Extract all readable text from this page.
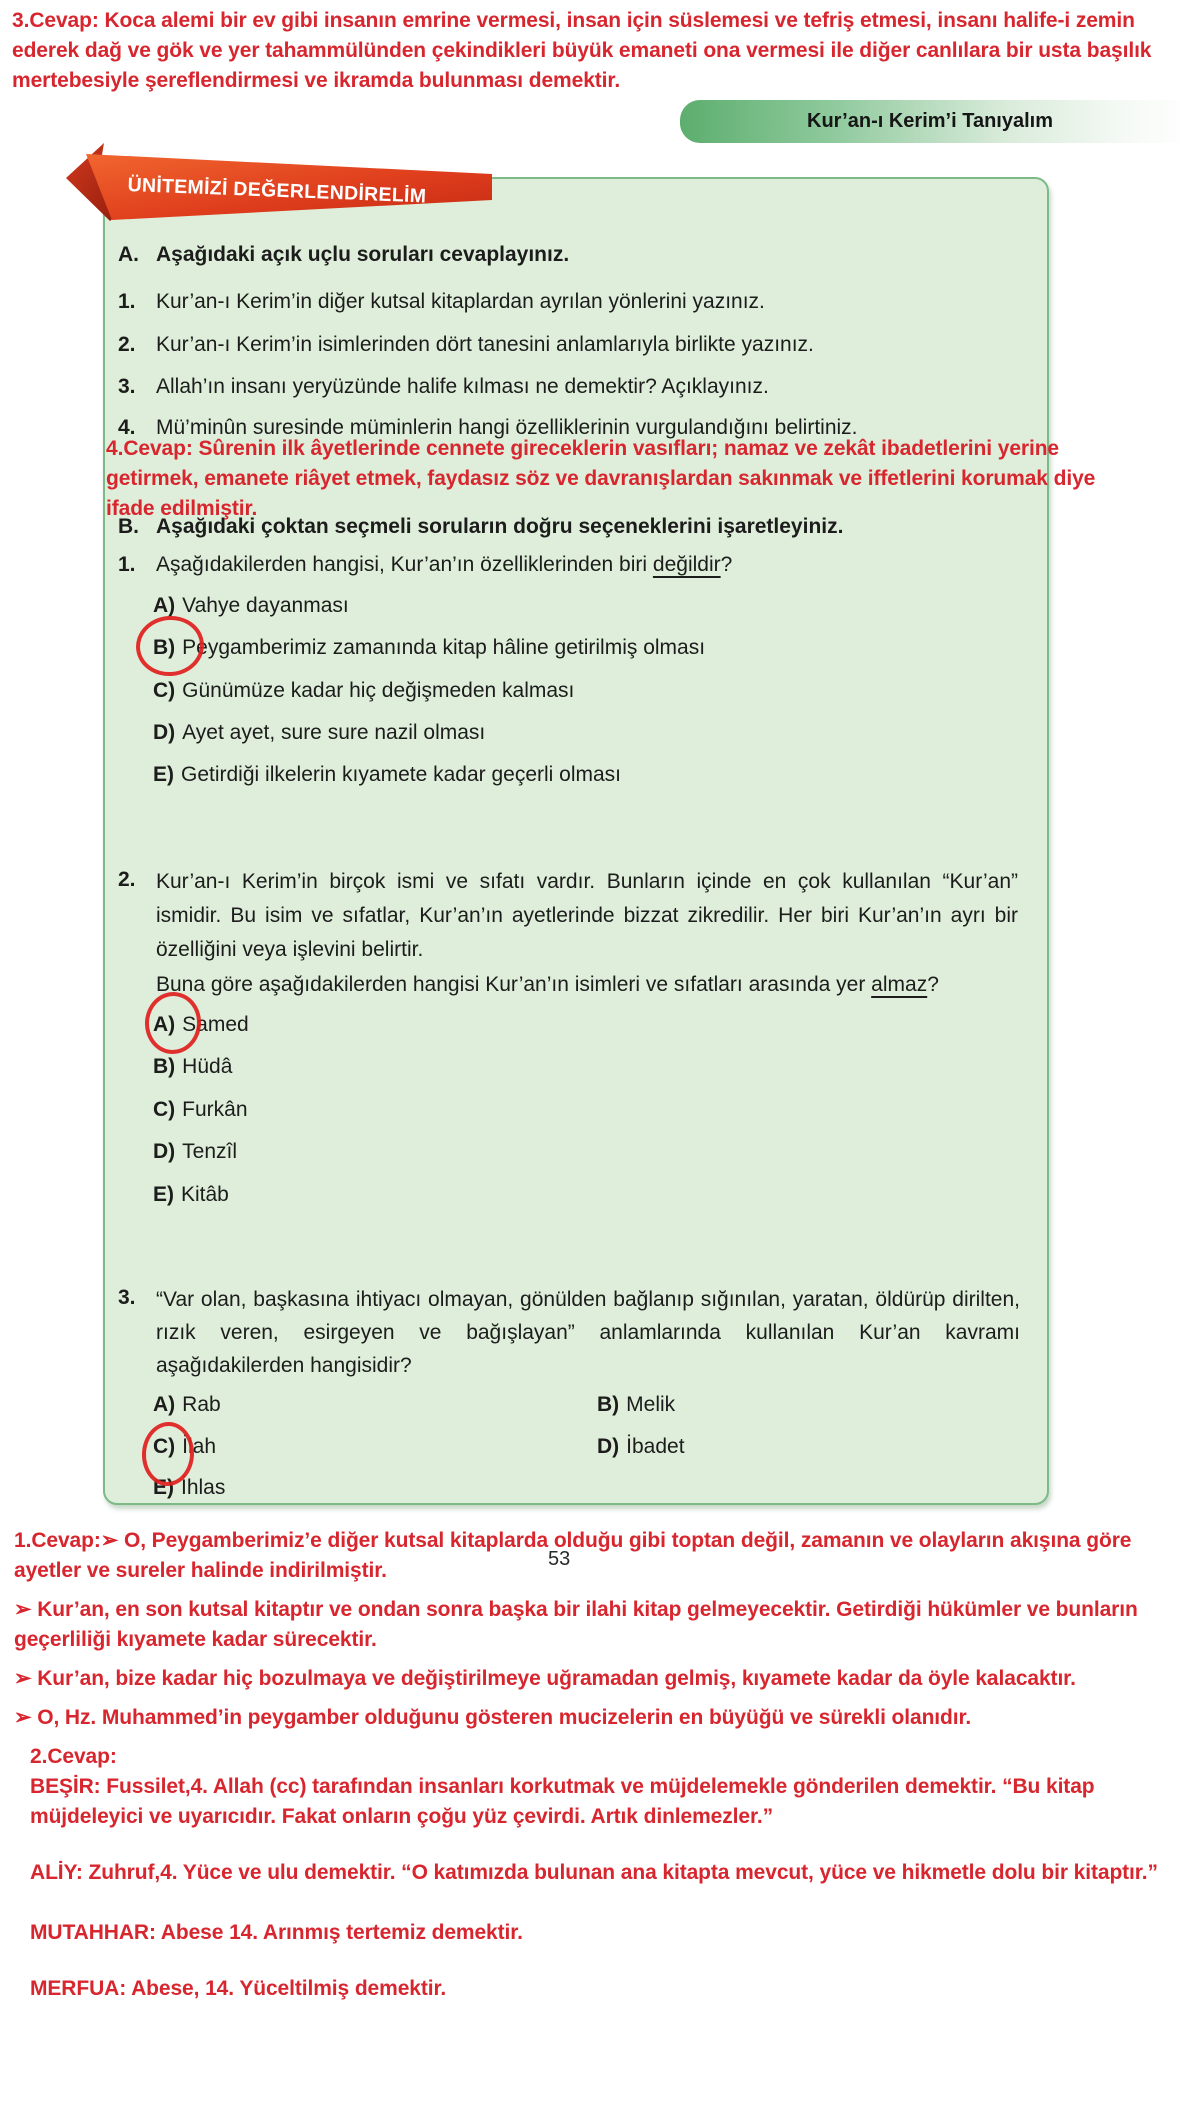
3.Cevap: Koca alemi bir ev gibi insanın emrine vermesi, insan için süslemesi ve tefriş etmesi, insanı halife-i zemin ederek dağ ve gök ve yer tahammülünden çekindikleri büyük emaneti ona vermesi ile diğer canlılara bir usta başılık mertebesiyle şereflendirmesi ve ikramda bulunması demektir.
Kur’an-ı Kerim’i Tanıyalım
ÜNİTEMİZİ DEĞERLENDİRELİM
A. Aşağıdaki açık uçlu soruları cevaplayınız.
1. Kur’an-ı Kerim’in diğer kutsal kitaplardan ayrılan yönlerini yazınız.
2. Kur’an-ı Kerim’in isimlerinden dört tanesini anlamlarıyla birlikte yazınız.
3. Allah’ın insanı yeryüzünde halife kılması ne demektir? Açıklayınız.
4. Mü’minûn suresinde müminlerin hangi özelliklerinin vurgulandığını belirtiniz.
4.Cevap: Sûrenin ilk âyetlerinde cennete gireceklerin vasıfları; namaz ve zekât ibadetlerini yerine getirmek, emanete riâyet etmek, faydasız söz ve davranışlardan sakınmak ve iffetlerini korumak diye ifade edilmiştir.
B. Aşağıdaki çoktan seçmeli soruların doğru seçeneklerini işaretleyiniz.
1. Aşağıdakilerden hangisi, Kur’an’ın özelliklerinden biri değildir?
A) Vahye dayanması
B) Peygamberimiz zamanında kitap hâline getirilmiş olması
C) Günümüze kadar hiç değişmeden kalması
D) Ayet ayet, sure sure nazil olması
E) Getirdiği ilkelerin kıyamete kadar geçerli olması
2. Kur’an-ı Kerim’in birçok ismi ve sıfatı vardır. Bunların içinde en çok kullanılan “Kur’an” ismidir. Bu isim ve sıfatlar, Kur’an’ın ayetlerinde bizzat zikredilir. Her biri Kur’an’ın ayrı bir özelliğini veya işlevini belirtir.
Buna göre aşağıdakilerden hangisi Kur’an’ın isimleri ve sıfatları arasında yer almaz?
A) Samed
B) Hüdâ
C) Furkân
D) Tenzîl
E) Kitâb
3. “Var olan, başkasına ihtiyacı olmayan, gönülden bağlanıp sığınılan, yaratan, öldürüp dirilten, rızık veren, esirgeyen ve bağışlayan” anlamlarında kullanılan Kur’an kavramı aşağıdakilerden hangisidir?
A) Rab	B) Melik
C) İlah	D) İbadet
E) İhlas
53

1.Cevap:➢ O, Peygamberimiz’e diğer kutsal kitaplarda olduğu gibi toptan değil, zamanın ve olayların akışına göre ayetler ve sureler halinde indirilmiştir.

➢ Kur’an, en son kutsal kitaptır ve ondan sonra başka bir ilahi kitap gelmeyecektir. Getirdiği hükümler ve bunların geçerliliği kıyamete kadar sürecektir.

➢ Kur’an, bize kadar hiç bozulmaya ve değiştirilmeye uğramadan gelmiş, kıyamete kadar da öyle kalacaktır.

➢ O, Hz. Muhammed’in peygamber olduğunu gösteren mucizelerin en büyüğü ve sürekli olanıdır.

2.Cevap:

BEŞİR: Fussilet,4. Allah (cc) tarafından insanları korkutmak ve müjdelemekle gönderilen demektir. “Bu kitap müjdeleyici ve uyarıcıdır. Fakat onların çoğu yüz çevirdi. Artık dinlemezler.”

ALİY: Zuhruf,4. Yüce ve ulu demektir. “O katımızda bulunan ana kitapta mevcut, yüce ve hikmetle dolu bir kitaptır.”

MUTAHHAR: Abese 14. Arınmış tertemiz demektir.

MERFUA: Abese, 14. Yüceltilmiş demektir.
